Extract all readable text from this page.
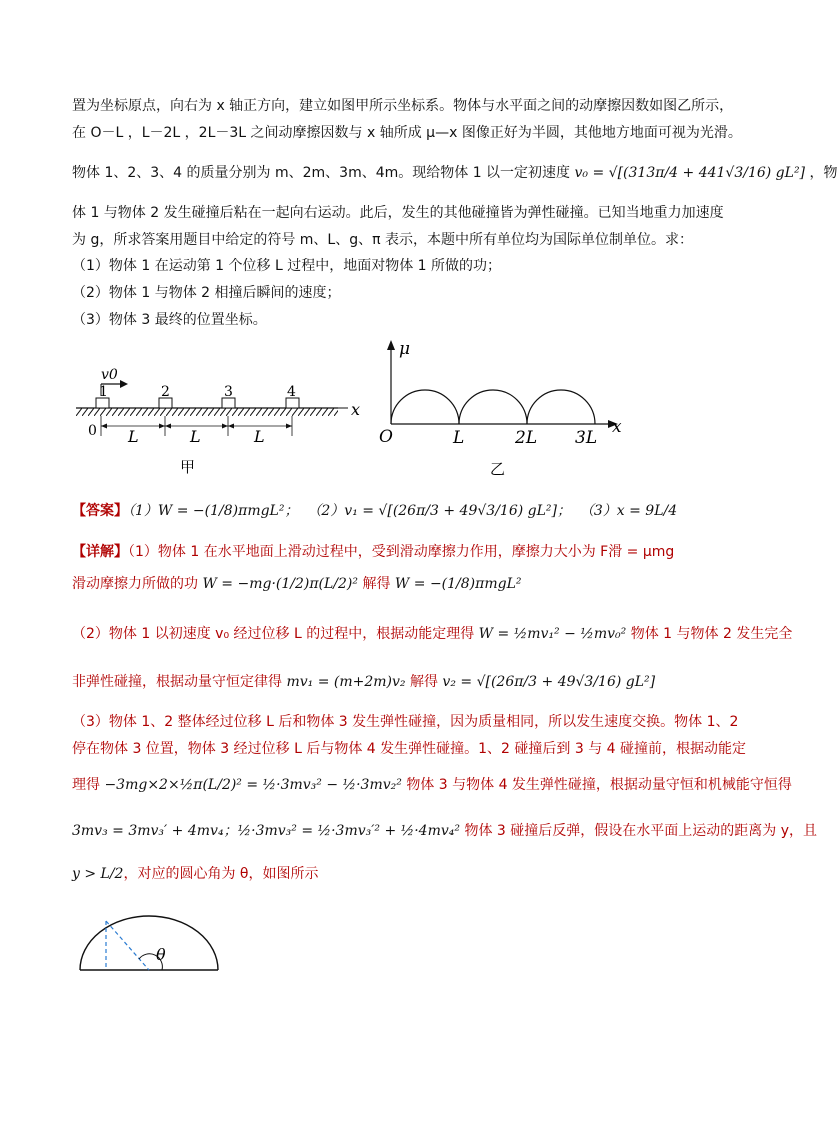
置为坐标原点，向右为 x 轴正方向，建立如图甲所示坐标系。物体与水平面之间的动摩擦因数如图乙所示，
在 O－L ，L－2L ，2L－3L 之间动摩擦因数与 x 轴所成 μ—x 图像正好为半圆，其他地方地面可视为光滑。
物体 1、2、3、4 的质量分别为 m、2m、3m、4m。现给物体 1 以一定初速度 v₀ = √[(313π/4 + 441√3/16) gL²] ，物
体 1 与物体 2 发生碰撞后粘在一起向右运动。此后，发生的其他碰撞皆为弹性碰撞。已知当地重力加速度
为 g，所求答案用题目中给定的符号 m、L、g、π 表示，本题中所有单位均为国际单位制单位。求：
（1）物体 1 在运动第 1 个位移 L 过程中，地面对物体 1 所做的功；
（2）物体 1 与物体 2 相撞后瞬间的速度；
（3）物体 3 最终的位置坐标。
x
1	2	3	4
v0
0 L	L	L
甲
μ
x
O	L	2L 3L
乙
【答案】（1）W = −(1/8)πmgL²； （2）v₁ = √[(26π/3 + 49√3/16) gL²]； （3）x = 9L/4
【详解】（1）物体 1 在水平地面上滑动过程中，受到滑动摩擦力作用，摩擦力大小为 F滑 = μmg
滑动摩擦力所做的功 W = −mg·(1/2)π(L/2)² 解得 W = −(1/8)πmgL²
（2）物体 1 以初速度 v₀ 经过位移 L 的过程中，根据动能定理得 W = ½mv₁² − ½mv₀² 物体 1 与物体 2 发生完全
非弹性碰撞，根据动量守恒定律得 mv₁ = (m+2m)v₂ 解得 v₂ = √[(26π/3 + 49√3/16) gL²]
（3）物体 1、2 整体经过位移 L 后和物体 3 发生弹性碰撞，因为质量相同，所以发生速度交换。物体 1、2
停在物体 3 位置，物体 3 经过位移 L 后与物体 4 发生弹性碰撞。1、2 碰撞后到 3 与 4 碰撞前，根据动能定
理得 −3mg×2×½π(L/2)² = ½·3mv₃² − ½·3mv₂² 物体 3 与物体 4 发生弹性碰撞，根据动量守恒和机械能守恒得
3mv₃ = 3mv₃′ + 4mv₄；½·3mv₃² = ½·3mv₃′² + ½·4mv₄² 物体 3 碰撞后反弹，假设在水平面上运动的距离为 y，且
y > L/2，对应的圆心角为 θ，如图所示
θ
